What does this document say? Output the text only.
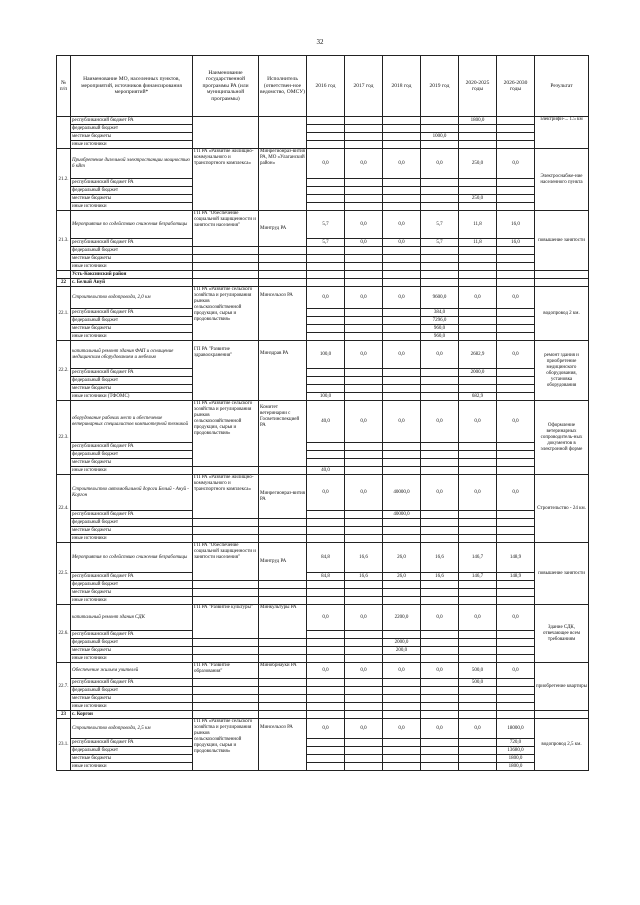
32
№ п/п	Наименование МО, населенных пунктов, мероприятий, источников финансирования мероприятий*	Наименование государственной программы РА (или муниципальной программы)	Исполнитель (ответствен-ное ведомство, ОМСУ)	2016 год	2017 год	2018 год	2019 год	2020-2025 годы	2026-2030 годы	Результат
	республиканский бюджет РА							1800,0		электрифи-... 1.5 км
	федеральный бюджет									
	местные бюджеты						1000,0			
	иные источники									
21.2.	Приобретение дизельной электростанции мощностью 6 кВт	ГП РА «Развитие жилищно-коммунального и транспортного комплекса»	Минрегионраз-вития РА, МО «Улаганский район»	0,0	0,0	0,0	0,0	250,0	0,0	Электроснабже-ние населенного пункта
	республиканский бюджет РА									
	федеральный бюджет									
	местные бюджеты							250,0		
	иные источники									
21.3.	Мероприятия по содействию снижения безработицы	ГП РА "Обеспечение социальной защищенности и занятости населения"	Минтруд РА	5,7	0,0	0,0	5,7	11,8	16,0	повышение занятости
	республиканский бюджет РА			5,7	0,0	0,0	5,7	11,8	16,0	
	федеральный бюджет									
	местные бюджеты									
	иные источники									
	Усть-Коксинский район									
22	с. Белый Ануй									
22.1.	Строительство водопровода, 2,0 км	ГП РА «Развитие сельского хозяйства и регулирования рынков сельскохозяйственной продукции, сырья и продовольствия»	Минсельхоз РА	0,0	0,0	0,0	9600,0	0,0	0,0	водопровод 2 км.
	республиканский бюджет РА						384,0			
	федеральный бюджет						7296,0			
	местные бюджеты						960,0			
	иные источники						960,0			
22.2.	капитальный ремонт здания ФАП и оснащение медицинским оборудованием и мебелью	ГП РА "Развитие здравоохранения"	Минздрав РА	100,0	0,0	0,0	0,0	2682,9	0,0	ремонт здания и приобретение медицинского оборудования, установка оборудования
	республиканский бюджет РА							2000,0		
	федеральный бюджет									
	местные бюджеты									
	иные источники (ТФОМС)			100,0				682,9		
22.3.	оборудование рабочих мест и обеспечение ветеринарных специалистов компьютерной техникой	ГП РА «Развитие сельского хозяйства и регулирования рынков сельскохозяйственной продукции, сырья и продовольствия»	Комитет ветеринарии с Госветинспекцией РА	40,0	0,0	0,0	0,0	0,0	0,0	Оформление ветеринарных сопроводитель-ных документов в электронной форме
	республиканский бюджет РА									
	федеральный бюджет									
	местные бюджеты									
	иные источники			40,0						
22.4.	Строительство автомобильной дороги Белый - Ануй - Коргон	ГП РА «Развитие жилищно-коммунального и транспортного комплекса»	Минрегионраз-вития РА	0,0	0,0	40000,0	0,0	0,0	0,0	Строительство - 24 км.
	республиканский бюджет РА					40000,0				
	федеральный бюджет									
	местные бюджеты									
	иные источники									
22.5.	Мероприятия по содействию снижения безработицы	ГП РА "Обеспечение социальной защищенности и занятости населения"	Минтруд РА	84,8	16,6	26,0	16,6	146,7	148,9	повышение занятости
	республиканский бюджет РА			84,8	16,6	26,0	16,6	146,7	148,9	
	федеральный бюджет									
	местные бюджеты									
	иные источники									
22.6.	капитальный ремонт здания СДК	ГП РА "Развитие культуры"	Минкультуры РА	0,0	0,0	2200,0	0,0	0,0	0,0	Здание СДК, отвечающее всем требованиям
	республиканский бюджет РА									
	федеральный бюджет					2000,0				
	местные бюджеты					200,0				
	иные источники									
22.7.	Обеспечение жильем учителей	ГП РА "Развитие образования"	Минобрнауки РА	0,0	0,0	0,0	0,0	500,0	0,0	приобретение квартиры
	республиканский бюджет РА							500,0		
	федеральный бюджет									
	местные бюджеты									
	иные источники									
23	с. Коргон									
23.1.	Строительство водопровода, 2,5 км	ГП РА «Развитие сельского хозяйства и регулирования рынков сельскохозяйственной продукции, сырья и продовольствия»	Минсельхоз РА	0,0	0,0	0,0	0,0	0,0	18000,0	водопровод 2,5 км.
	республиканский бюджет РА								720,0	
	федеральный бюджет								13680,0	
	местные бюджеты								1800,0	
	иные источники								1800,0	
